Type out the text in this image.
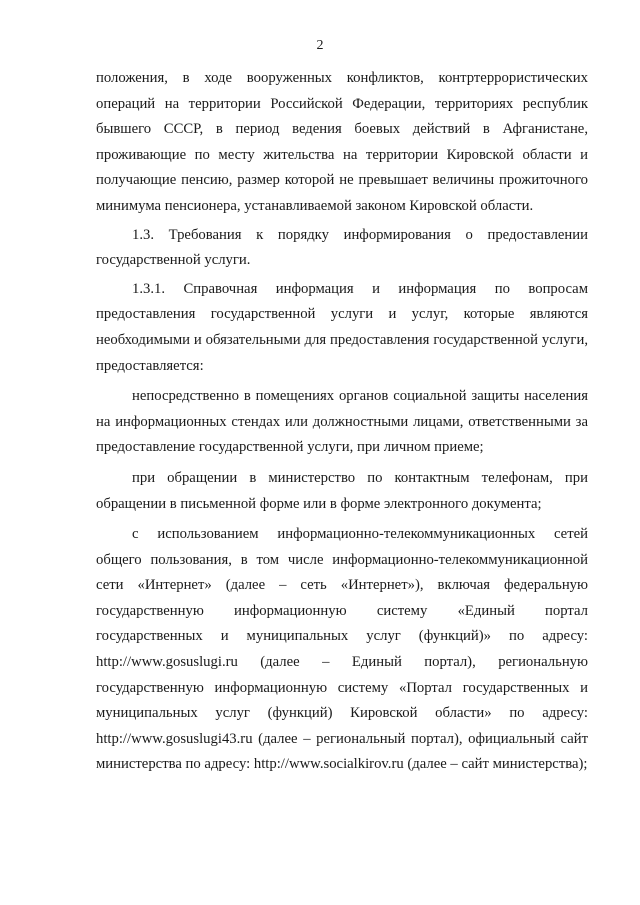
2

положения, в ходе вооруженных конфликтов, контртеррористических операций на территории Российской Федерации, территориях республик бывшего СССР, в период ведения боевых действий в Афганистане, проживающие по месту жительства на территории Кировской области и получающие пенсию, размер которой не превышает величины прожиточного минимума пенсионера, устанавливаемой законом Кировской области.

1.3. Требования к порядку информирования о предоставлении государственной услуги.

1.3.1. Справочная информация и информация по вопросам предоставления государственной услуги и услуг, которые являются необходимыми и обязательными для предоставления государственной услуги, предоставляется:

непосредственно в помещениях органов социальной защиты населения на информационных стендах или должностными лицами, ответственными за предоставление государственной услуги, при личном приеме;

при обращении в министерство по контактным телефонам, при обращении в письменной форме или в форме электронного документа;

с использованием информационно-телекоммуникационных сетей общего пользования, в том числе информационно-телекоммуникационной сети «Интернет» (далее – сеть «Интернет»), включая федеральную государственную информационную систему «Единый портал государственных и муниципальных услуг (функций)» по адресу: http://www.gosuslugi.ru (далее – Единый портал), региональную государственную информационную систему «Портал государственных и муниципальных услуг (функций) Кировской области» по адресу: http://www.gosuslugi43.ru (далее – региональный портал), официальный сайт министерства по адресу: http://www.socialkirov.ru (далее – сайт министерства);
